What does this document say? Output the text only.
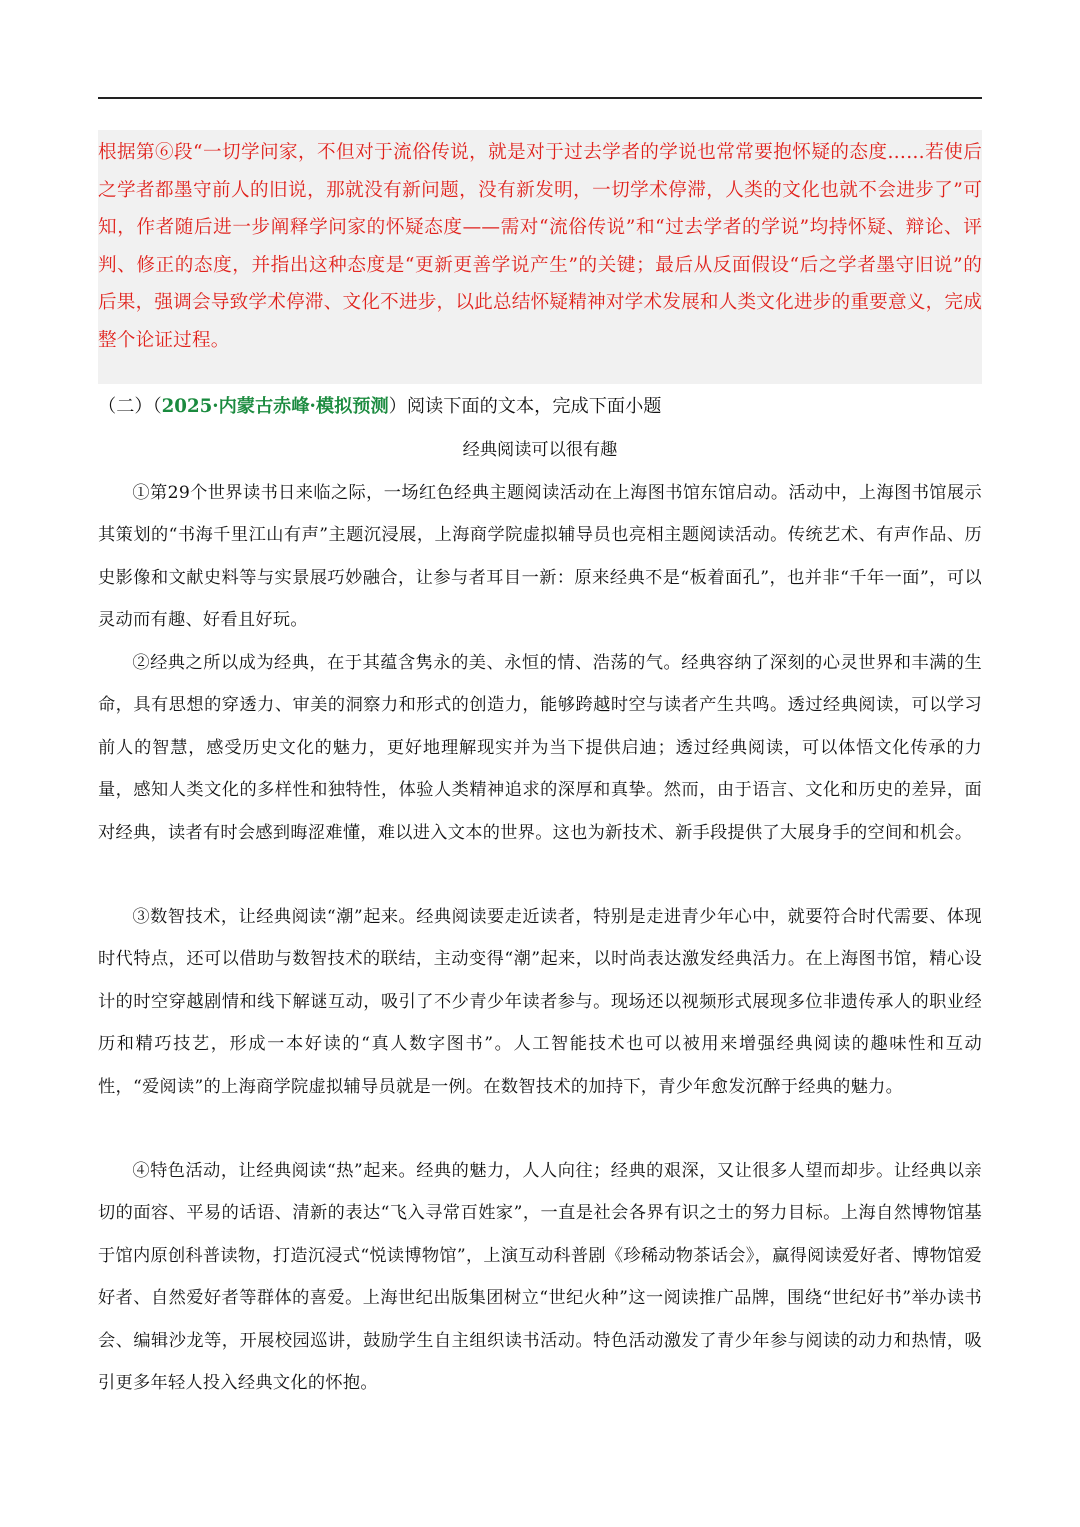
根据第⑥段“一切学问家，不但对于流俗传说，就是对于过去学者的学说也常常要抱怀疑的态度……若使后之学者都墨守前人的旧说，那就没有新问题，没有新发明，一切学术停滞，人类的文化也就不会进步了”可知，作者随后进一步阐释学问家的怀疑态度——需对“流俗传说”和“过去学者的学说”均持怀疑、辩论、评判、修正的态度，并指出这种态度是“更新更善学说产生”的关键；最后从反面假设“后之学者墨守旧说”的后果，强调会导致学术停滞、文化不进步，以此总结怀疑精神对学术发展和人类文化进步的重要意义，完成整个论证过程。

（二）（2025·内蒙古赤峰·模拟预测）阅读下面的文本，完成下面小题
经典阅读可以很有趣

①第29个世界读书日来临之际，一场红色经典主题阅读活动在上海图书馆东馆启动。活动中，上海图书馆展示其策划的“书海千里江山有声”主题沉浸展，上海商学院虚拟辅导员也亮相主题阅读活动。传统艺术、有声作品、历史影像和文献史料等与实景展巧妙融合，让参与者耳目一新：原来经典不是“板着面孔”，也并非“千年一面”，可以灵动而有趣、好看且好玩。

②经典之所以成为经典，在于其蕴含隽永的美、永恒的情、浩荡的气。经典容纳了深刻的心灵世界和丰满的生命，具有思想的穿透力、审美的洞察力和形式的创造力，能够跨越时空与读者产生共鸣。透过经典阅读，可以学习前人的智慧，感受历史文化的魅力，更好地理解现实并为当下提供启迪；透过经典阅读，可以体悟文化传承的力量，感知人类文化的多样性和独特性，体验人类精神追求的深厚和真挚。然而，由于语言、文化和历史的差异，面对经典，读者有时会感到晦涩难懂，难以进入文本的世界。这也为新技术、新手段提供了大展身手的空间和机会。

③数智技术，让经典阅读“潮”起来。经典阅读要走近读者，特别是走进青少年心中，就要符合时代需要、体现时代特点，还可以借助与数智技术的联结，主动变得“潮”起来，以时尚表达激发经典活力。在上海图书馆，精心设计的时空穿越剧情和线下解谜互动，吸引了不少青少年读者参与。现场还以视频形式展现多位非遗传承人的职业经历和精巧技艺，形成一本好读的“真人数字图书”。人工智能技术也可以被用来增强经典阅读的趣味性和互动性，“爱阅读”的上海商学院虚拟辅导员就是一例。在数智技术的加持下，青少年愈发沉醉于经典的魅力。

④特色活动，让经典阅读“热”起来。经典的魅力，人人向往；经典的艰深，又让很多人望而却步。让经典以亲切的面容、平易的话语、清新的表达“飞入寻常百姓家”，一直是社会各界有识之士的努力目标。上海自然博物馆基于馆内原创科普读物，打造沉浸式“悦读博物馆”，上演互动科普剧《珍稀动物茶话会》，赢得阅读爱好者、博物馆爱好者、自然爱好者等群体的喜爱。上海世纪出版集团树立“世纪火种”这一阅读推广品牌，围绕“世纪好书”举办读书会、编辑沙龙等，开展校园巡讲，鼓励学生自主组织读书活动。特色活动激发了青少年参与阅读的动力和热情，吸引更多年轻人投入经典文化的怀抱。
